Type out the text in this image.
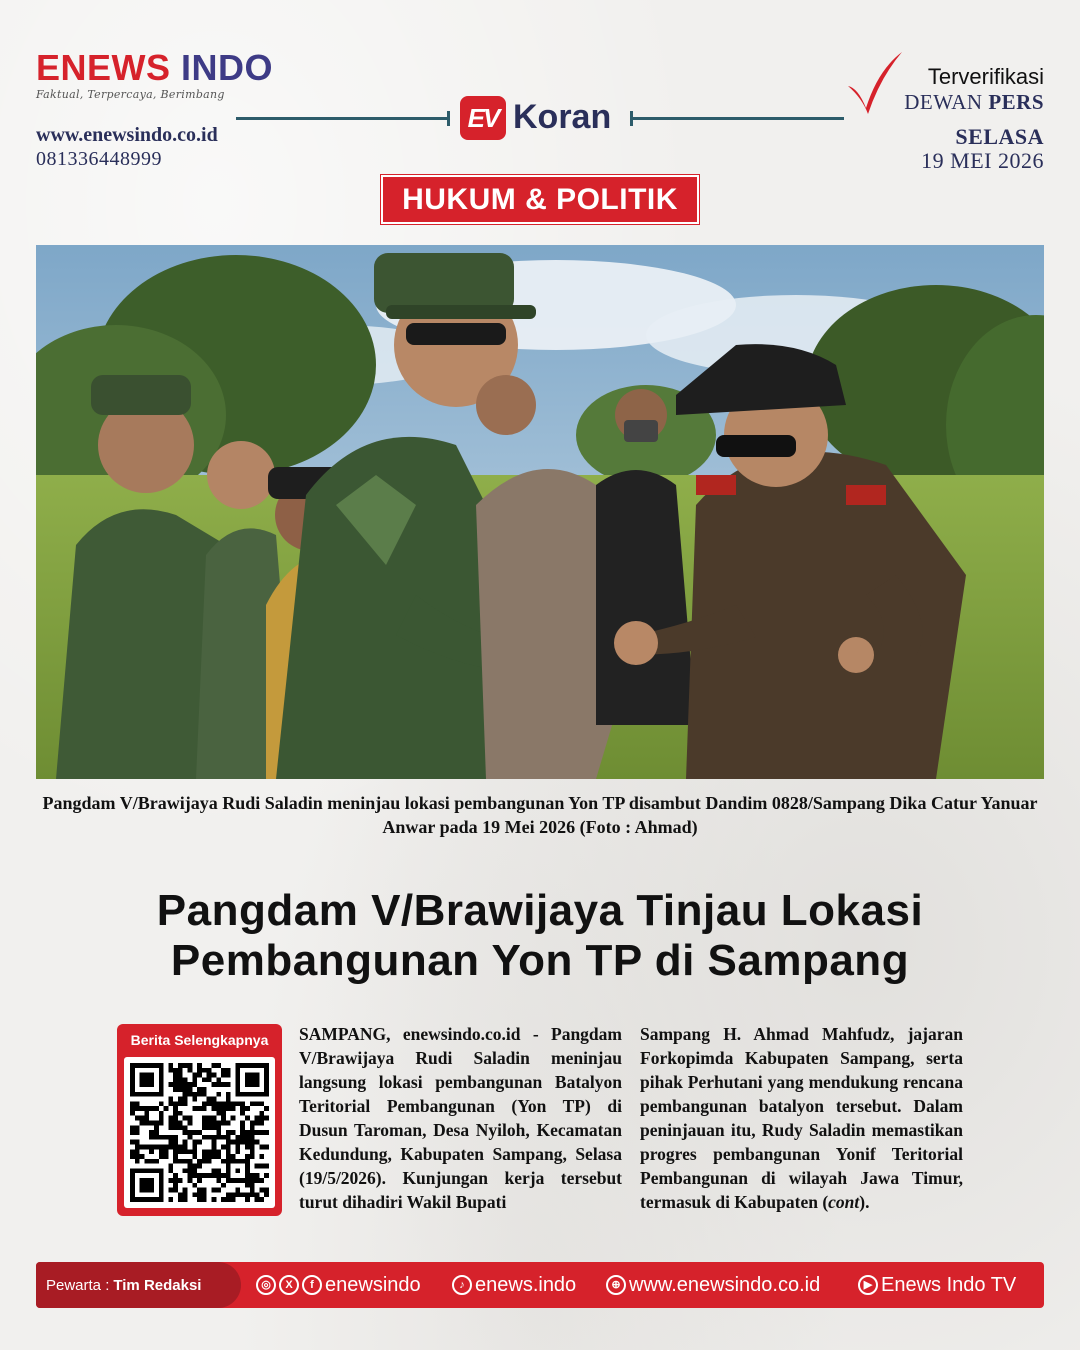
ENEWS INDO
Faktual, Terpercaya, Berimbang
www.enewsindo.co.id
081336448999
EV Koran
Terverifikasi
DEWAN PERS
SELASA
19 MEI 2026
HUKUM & POLITIK
Pangdam V/Brawijaya Rudi Saladin meninjau lokasi pembangunan Yon TP disambut Dandim 0828/Sampang Dika Catur Yanuar Anwar pada 19 Mei 2026 (Foto : Ahmad)
Pangdam V/Brawijaya Tinjau Lokasi
Pembangunan Yon TP di Sampang
Berita Selengkapnya	SAMPANG, enewsindo.co.id - Pangdam V/Brawijaya Rudi Saladin meninjau langsung lokasi pembangunan Batalyon Teritorial Pembangunan (Yon TP) di Dusun Taroman, Desa Nyiloh, Kecamatan Kedundung, Kabupaten Sampang, Selasa (19/5/2026). Kunjungan kerja tersebut turut dihadiri Wakil Bupati
Sampang H. Ahmad Mahfudz, jajaran Forkopimda Kabupaten Sampang, serta pihak Perhutani yang mendukung rencana pembangunan batalyon tersebut. Dalam peninjauan itu, Rudy Saladin memastikan progres pembangunan Yonif Teritorial Pembangunan di wilayah Jawa Timur, termasuk di Kabupaten (cont).
Pewarta : Tim Redaksi	◎	X	f enewsindo	♪ enews.indo	⊕ www.enewsindo.co.id	▶ Enews Indo TV
